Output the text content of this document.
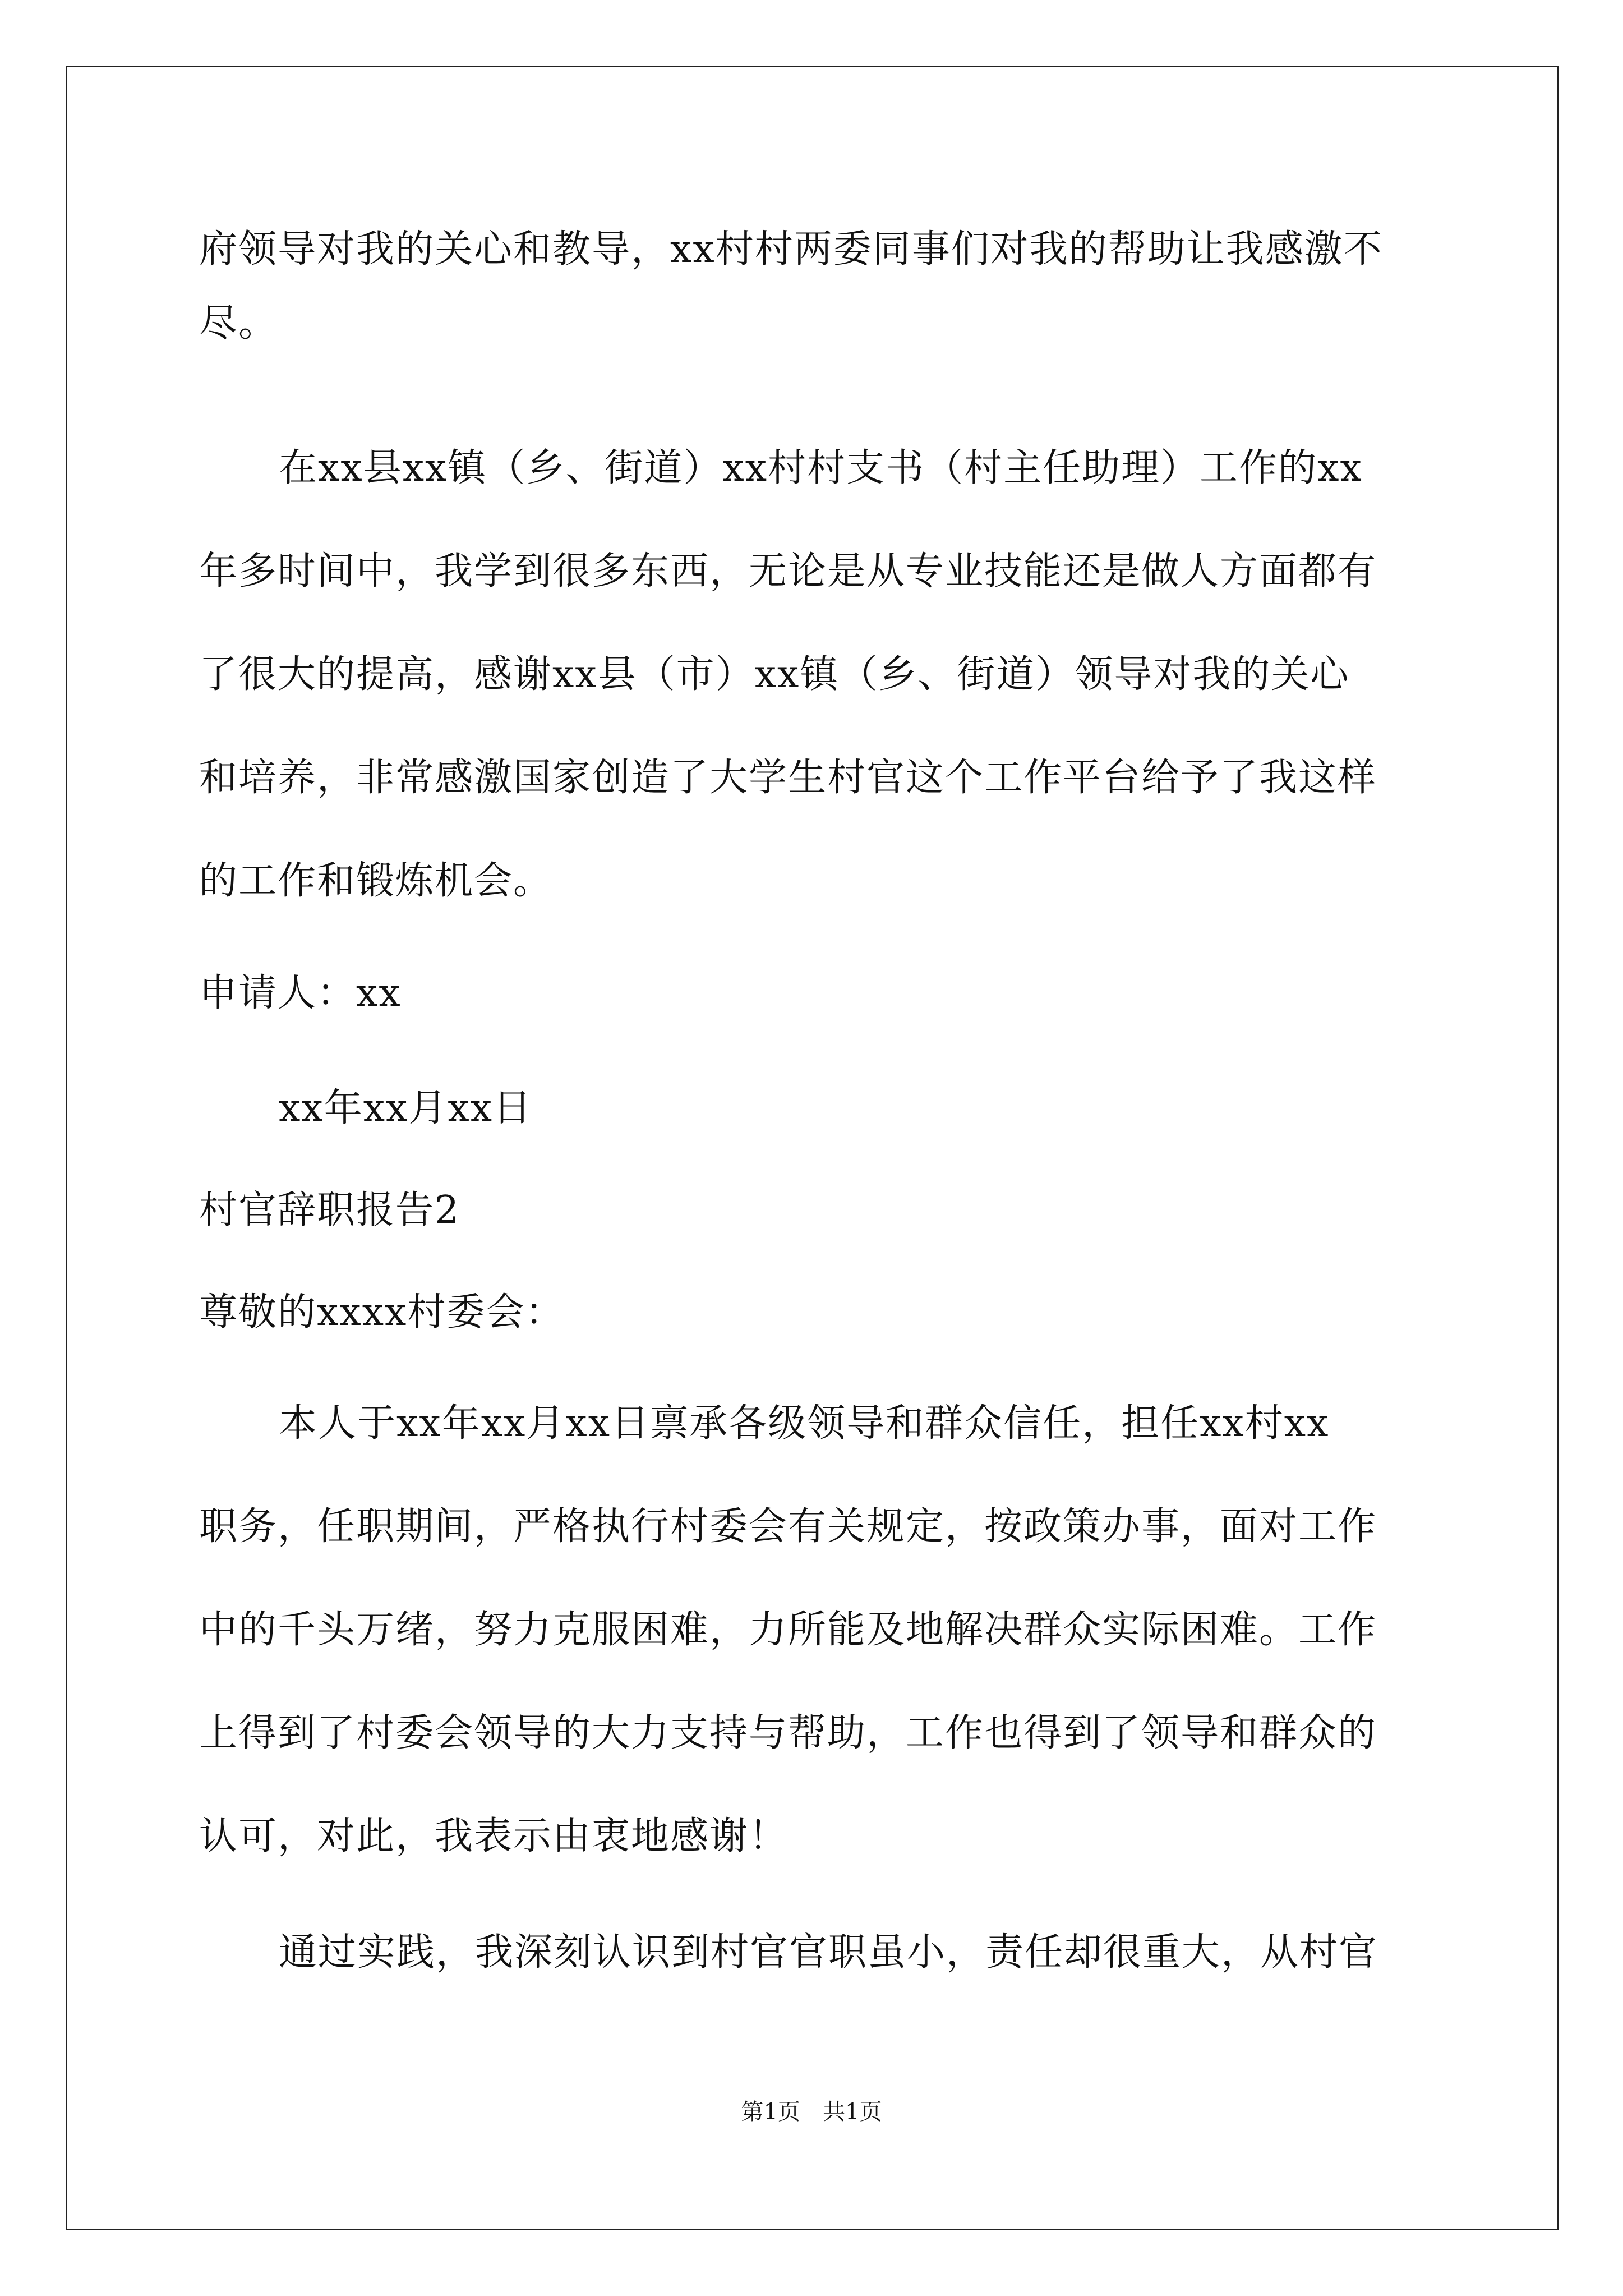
府领导对我的关心和教导，xx村村两委同事们对我的帮助让我感激不
尽。
在xx县xx镇（乡、街道）xx村村支书（村主任助理）工作的xx
年多时间中，我学到很多东西，无论是从专业技能还是做人方面都有
了很大的提高，感谢xx县（市）xx镇（乡、街道）领导对我的关心
和培养，非常感激国家创造了大学生村官这个工作平台给予了我这样
的工作和锻炼机会。
申请人：xx
xx年xx月xx日
村官辞职报告2
尊敬的xxxx村委会：
本人于xx年xx月xx日禀承各级领导和群众信任，担任xx村xx
职务，任职期间，严格执行村委会有关规定，按政策办事，面对工作
中的千头万绪，努力克服困难，力所能及地解决群众实际困难。工作
上得到了村委会领导的大力支持与帮助，工作也得到了领导和群众的
认可，对此，我表示由衷地感谢！
通过实践，我深刻认识到村官官职虽小，责任却很重大，从村官
第1页　共1页
